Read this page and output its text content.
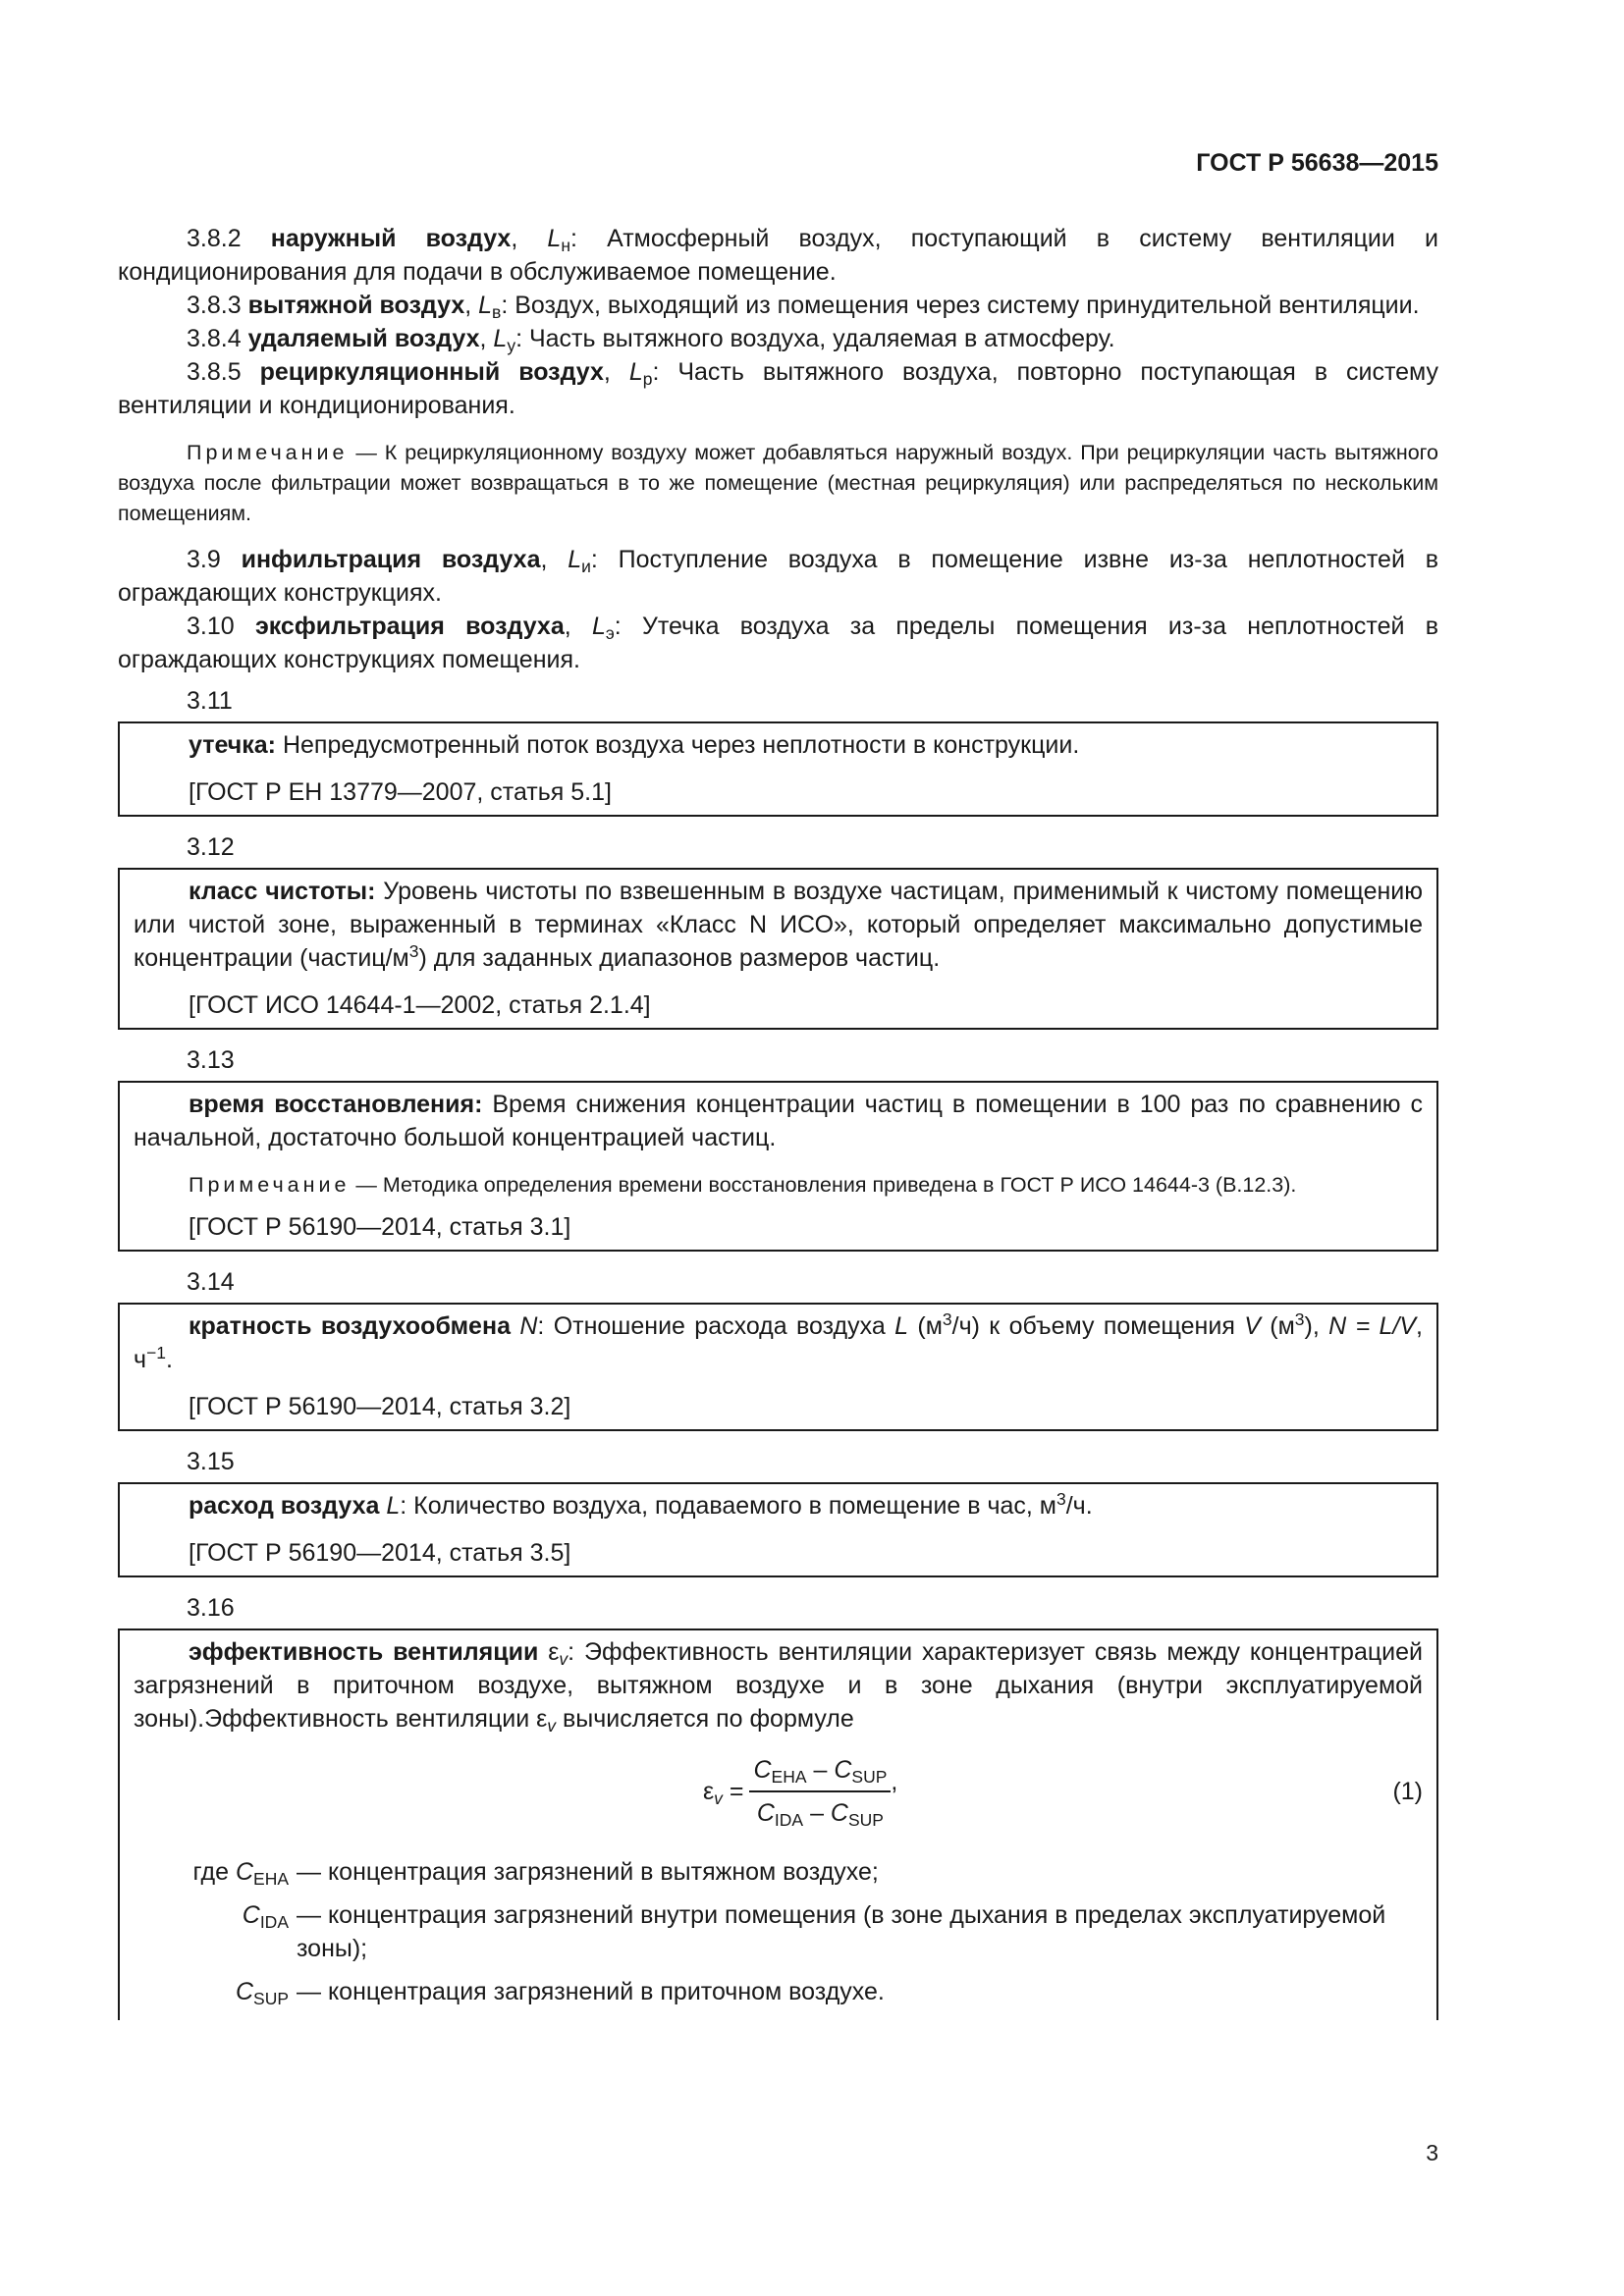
ГОСТ Р 56638—2015

3.8.2 наружный воздух, $L_н$: Атмосферный воздух, поступающий в систему вентиляции и кондиционирования для подачи в обслуживаемое помещение.

3.8.3 вытяжной воздух, $L_в$: Воздух, выходящий из помещения через систему принудительной вентиляции.

3.8.4 удаляемый воздух, $L_у$: Часть вытяжного воздуха, удаляемая в атмосферу.

3.8.5 рециркуляционный воздух, $L_р$: Часть вытяжного воздуха, повторно поступающая в систему вентиляции и кондиционирования.

Примечание — К рециркуляционному воздуху может добавляться наружный воздух. При рециркуляции часть вытяжного воздуха после фильтрации может возвращаться в то же помещение (местная рециркуляция) или распределяться по нескольким помещениям.

3.9 инфильтрация воздуха, $L_и$: Поступление воздуха в помещение извне из-за неплотностей в ограждающих конструкциях.

3.10 эксфильтрация воздуха, $L_э$: Утечка воздуха за пределы помещения из-за неплотностей в ограждающих конструкциях помещения.

3.11

утечка: Непредусмотренный поток воздуха через неплотности в конструкции.

[ГОСТ Р ЕН 13779—2007, статья 5.1]

3.12

класс чистоты: Уровень чистоты по взвешенным в воздухе частицам, применимый к чистому помещению или чистой зоне, выраженный в терминах «Класс N ИСО», который определяет максимально допустимые концентрации $(частиц/м^3)$ для заданных диапазонов размеров частиц.

[ГОСТ ИСО 14644-1—2002, статья 2.1.4]

3.13

время восстановления: Время снижения концентрации частиц в помещении в 100 раз по сравнению с начальной, достаточно большой концентрацией частиц.

Примечание — Методика определения времени восстановления приведена в ГОСТ Р ИСО 14644-3 (В.12.3).

[ГОСТ Р 56190—2014, статья 3.1]

3.14

кратность воздухообмена N: Отношение расхода воздуха L $(м^3/ч)$ к объему помещения V $(м^3)$, N = L/V, $ч^{-1}$.

[ГОСТ Р 56190—2014, статья 3.2]

3.15

расход воздуха L: Количество воздуха, подаваемого в помещение в час, $м^3/ч$.

[ГОСТ Р 56190—2014, статья 3.5]

3.16

эффективность вентиляции $\varepsilon_v$: Эффективность вентиляции характеризует связь между концентрацией загрязнений в приточном воздухе, вытяжном воздухе и в зоне дыхания (внутри эксплуатируемой зоны).Эффективность вентиляции $\varepsilon_v$ вычисляется по формуле

$\varepsilon_v$ =
$C_{EHA} - C_{SUP}$
$C_{IDA} - C_{SUP}$
,	(1)
где $C_{EHA}$ — концентрация загрязнений в вытяжном воздухе;
$C_{IDA}$ — концентрация загрязнений внутри помещения (в зоне дыхания в пределах эксплуатируемой зоны);
$C_{SUP}$ — концентрация загрязнений в приточном воздухе.
3
